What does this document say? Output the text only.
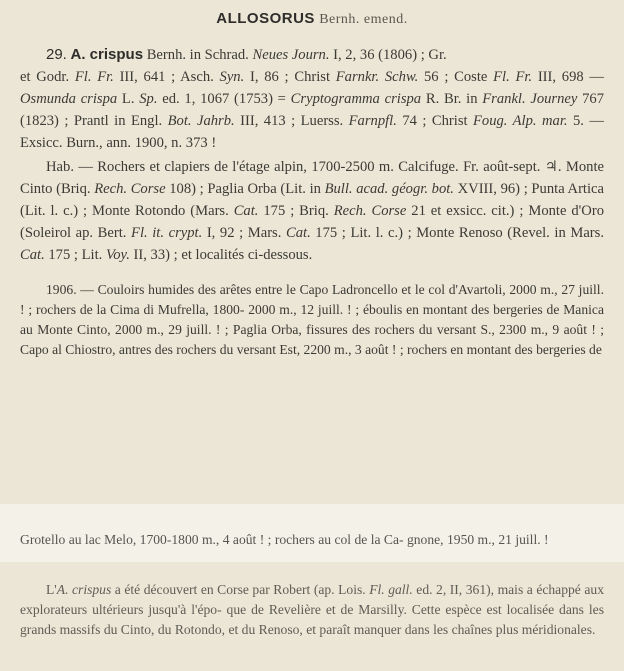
ALLOSORUS Bernh. emend.

29. A. crispus Bernh. in Schrad. Neues Journ. I, 2, 36 (1806) ; Gr.

et Godr. Fl. Fr. III, 641 ; Asch. Syn. I, 86 ; Christ Farnkr. Schw. 56 ; Coste Fl. Fr. III, 698 — Osmunda crispa L. Sp. ed. 1, 1067 (1753) = Cryptogramma crispa R. Br. in Frankl. Journey 767 (1823) ; Prantl in Engl. Bot. Jahrb. III, 413 ; Luerss. Farnpfl. 74 ; Christ Foug. Alp. mar. 5. — Exsicc. Burn., ann. 1900, n. 373 !

Hab. — Rochers et clapiers de l'étage alpin, 1700-2500 m. Calcifuge. Fr. août-sept. ♃. Monte Cinto (Briq. Rech. Corse 108) ; Paglia Orba (Lit. in Bull. acad. géogr. bot. XVIII, 96) ; Punta Artica (Lit. l. c.) ; Monte Rotondo (Mars. Cat. 175 ; Briq. Rech. Corse 21 et exsicc. cit.) ; Monte d'Oro (Soleirol ap. Bert. Fl. it. crypt. I, 92 ; Mars. Cat. 175 ; Lit. l. c.) ; Monte Renoso (Revel. in Mars. Cat. 175 ; Lit. Voy. II, 33) ; et localités ci-dessous.

1906. — Couloirs humides des arêtes entre le Capo Ladroncello et le col d'Avartoli, 2000 m., 27 juill. ! ; rochers de la Cima di Mufrella, 1800- 2000 m., 12 juill. ! ; éboulis en montant des bergeries de Manica au Monte Cinto, 2000 m., 29 juill. ! ; Paglia Orba, fissures des rochers du versant S., 2300 m., 9 août ! ; Capo al Chiostro, antres des rochers du versant Est, 2200 m., 3 août ! ; rochers en montant des bergeries de

Grotello au lac Melo, 1700-1800 m., 4 août ! ; rochers au col de la Ca- gnone, 1950 m., 21 juill. !

L'A. crispus a été découvert en Corse par Robert (ap. Lois. Fl. gall. ed. 2, II, 361), mais a échappé aux explorateurs ultérieurs jusqu'à l'épo- que de Revelière et de Marsilly. Cette espèce est localisée dans les grands massifs du Cinto, du Rotondo, et du Renoso, et paraît manquer dans les chaînes plus méridionales.
